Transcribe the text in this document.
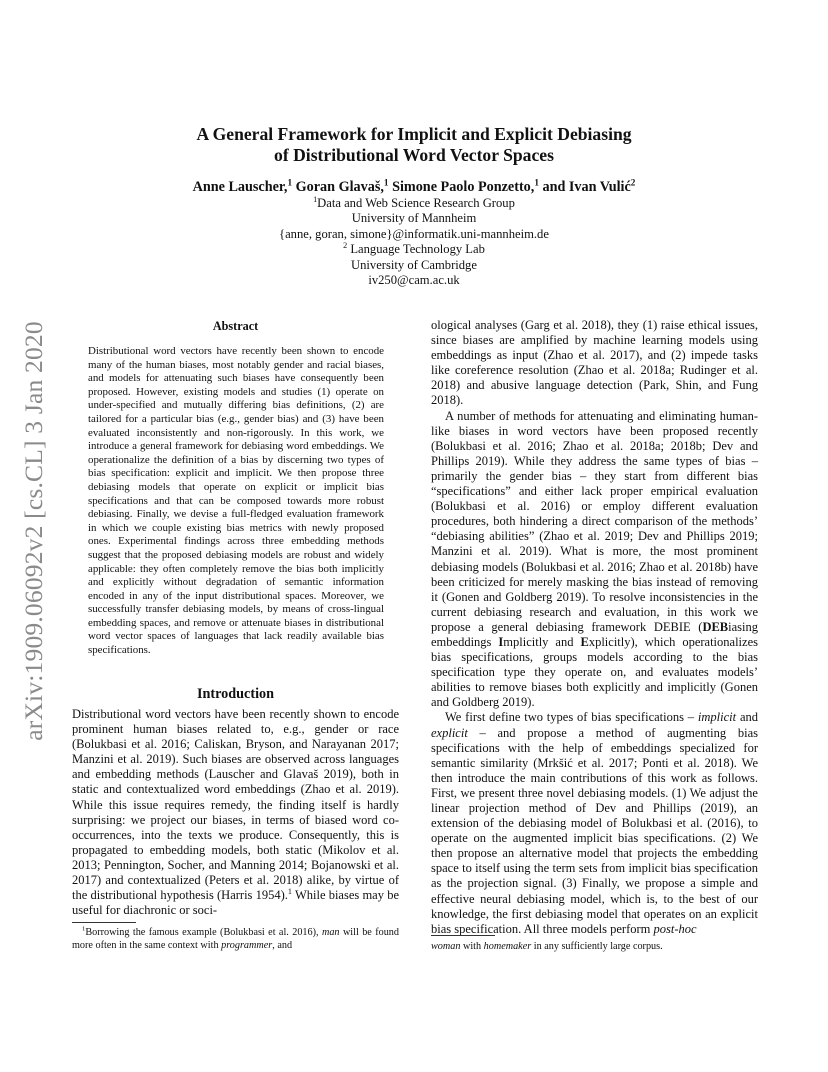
arXiv:1909.06092v2 [cs.CL] 3 Jan 2020
A General Framework for Implicit and Explicit Debiasing
of Distributional Word Vector Spaces
Anne Lauscher,$^1$ Goran Glavaš,$^1$ Simone Paolo Ponzetto,$^1$ and Ivan Vulić$^2$
$^1$Data and Web Science Research Group
University of Mannheim
{anne, goran, simone}@informatik.uni-mannheim.de
$^2$ Language Technology Lab
University of Cambridge
iv250@cam.ac.uk
Abstract
Distributional word vectors have recently been shown to encode many of the human biases, most notably gender and racial biases, and models for attenuating such biases have consequently been proposed. However, existing models and studies (1) operate on under-specified and mutually differing bias definitions, (2) are tailored for a particular bias (e.g., gender bias) and (3) have been evaluated inconsistently and non-rigorously. In this work, we introduce a general framework for debiasing word embeddings. We operationalize the definition of a bias by discerning two types of bias specification: explicit and implicit. We then propose three debiasing models that operate on explicit or implicit bias specifications and that can be composed towards more robust debiasing. Finally, we devise a full-fledged evaluation framework in which we couple existing bias metrics with newly proposed ones. Experimental findings across three embedding methods suggest that the proposed debiasing models are robust and widely applicable: they often completely remove the bias both implicitly and explicitly without degradation of semantic information encoded in any of the input distributional spaces. Moreover, we successfully transfer debiasing models, by means of cross-lingual embedding spaces, and remove or attenuate biases in distributional word vector spaces of languages that lack readily available bias specifications.
Introduction

Distributional word vectors have been recently shown to encode prominent human biases related to, e.g., gender or race (Bolukbasi et al. 2016; Caliskan, Bryson, and Narayanan 2017; Manzini et al. 2019). Such biases are observed across languages and embedding methods (Lauscher and Glavaš 2019), both in static and contextualized word embeddings (Zhao et al. 2019). While this issue requires remedy, the finding itself is hardly surprising: we project our biases, in terms of biased word co-occurrences, into the texts we produce. Consequently, this is propagated to embedding models, both static (Mikolov et al. 2013; Pennington, Socher, and Manning 2014; Bojanowski et al. 2017) and contextualized (Peters et al. 2018) alike, by virtue of the distributional hypothesis (Harris 1954).$^1$ While biases may be useful for diachronic or soci-

$^1$Borrowing the famous example (Bolukbasi et al. 2016), man will be found more often in the same context with programmer, and

ological analyses (Garg et al. 2018), they (1) raise ethical issues, since biases are amplified by machine learning models using embeddings as input (Zhao et al. 2017), and (2) impede tasks like coreference resolution (Zhao et al. 2018a; Rudinger et al. 2018) and abusive language detection (Park, Shin, and Fung 2018).

A number of methods for attenuating and eliminating human-like biases in word vectors have been proposed recently (Bolukbasi et al. 2016; Zhao et al. 2018a; 2018b; Dev and Phillips 2019). While they address the same types of bias – primarily the gender bias – they start from different bias “specifications” and either lack proper empirical evaluation (Bolukbasi et al. 2016) or employ different evaluation procedures, both hindering a direct comparison of the methods’ “debiasing abilities” (Zhao et al. 2019; Dev and Phillips 2019; Manzini et al. 2019). What is more, the most prominent debiasing models (Bolukbasi et al. 2016; Zhao et al. 2018b) have been criticized for merely masking the bias instead of removing it (Gonen and Goldberg 2019). To resolve inconsistencies in the current debiasing research and evaluation, in this work we propose a general debiasing framework DEBIE (DEBiasing embeddings Implicitly and Explicitly), which operationalizes bias specifications, groups models according to the bias specification type they operate on, and evaluates models’ abilities to remove biases both explicitly and implicitly (Gonen and Goldberg 2019).

We first define two types of bias specifications – implicit and explicit – and propose a method of augmenting bias specifications with the help of embeddings specialized for semantic similarity (Mrkšić et al. 2017; Ponti et al. 2018). We then introduce the main contributions of this work as follows. First, we present three novel debiasing models. (1) We adjust the linear projection method of Dev and Phillips (2019), an extension of the debiasing model of Bolukbasi et al. (2016), to operate on the augmented implicit bias specifications. (2) We then propose an alternative model that projects the embedding space to itself using the term sets from implicit bias specification as the projection signal. (3) Finally, we propose a simple and effective neural debiasing model, which is, to the best of our knowledge, the first debiasing model that operates on an explicit bias specification. All three models perform post-hoc

woman with homemaker in any sufficiently large corpus.
